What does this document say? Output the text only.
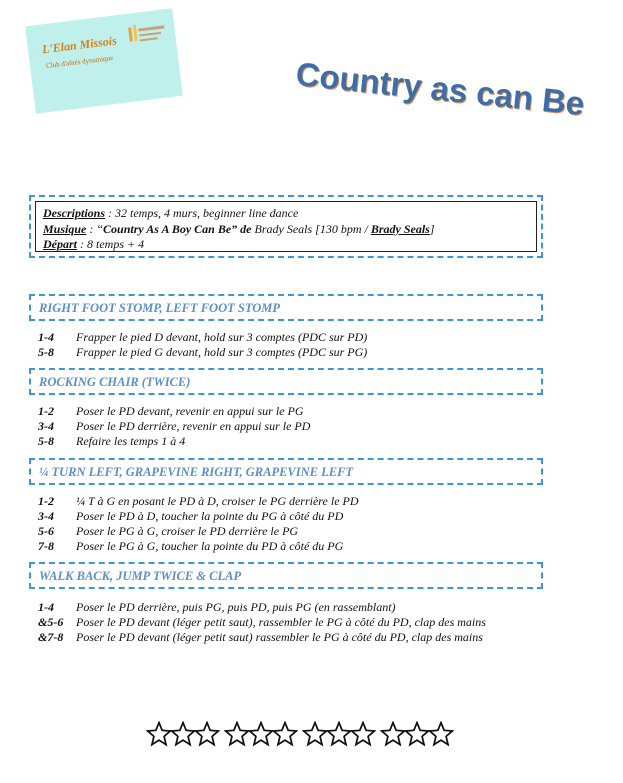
L'Elan Missois
Club d'aînés dynamique	Country as can Be
Descriptions : 32 temps, 4 murs, beginner line dance
Musique : “Country As A Boy Can Be” de Brady Seals [130 bpm / Brady Seals]
Départ : 8 temps + 4
RIGHT FOOT STOMP, LEFT FOOT STOMP
1-4 Frapper le pied D devant, hold sur 3 comptes (PDC sur PD)
5-8 Frapper le pied G devant, hold sur 3 comptes (PDC sur PG)
ROCKING CHAIR (TWICE)
1-2 Poser le PD devant, revenir en appui sur le PG
3-4 Poser le PD derrière, revenir en appui sur le PD
5-8 Refaire les temps 1 à 4
¼ TURN LEFT, GRAPEVINE RIGHT, GRAPEVINE LEFT
1-2 ¼ T à G en posant le PD à D, croiser le PG derrière le PD
3-4 Poser le PD à D, toucher la pointe du PG à côté du PD
5-6 Poser le PG à G, croiser le PD derrière le PG
7-8 Poser le PG à G, toucher la pointe du PD à côté du PG
WALK BACK, JUMP TWICE & CLAP
1-4 Poser le PD derrière, puis PG, puis PD, puis PG (en rassemblant)
&5-6 Poser le PD devant (léger petit saut), rassembler le PG à côté du PD, clap des mains
&7-8 Poser le PD devant (léger petit saut) rassembler le PG à côté du PD, clap des mains
